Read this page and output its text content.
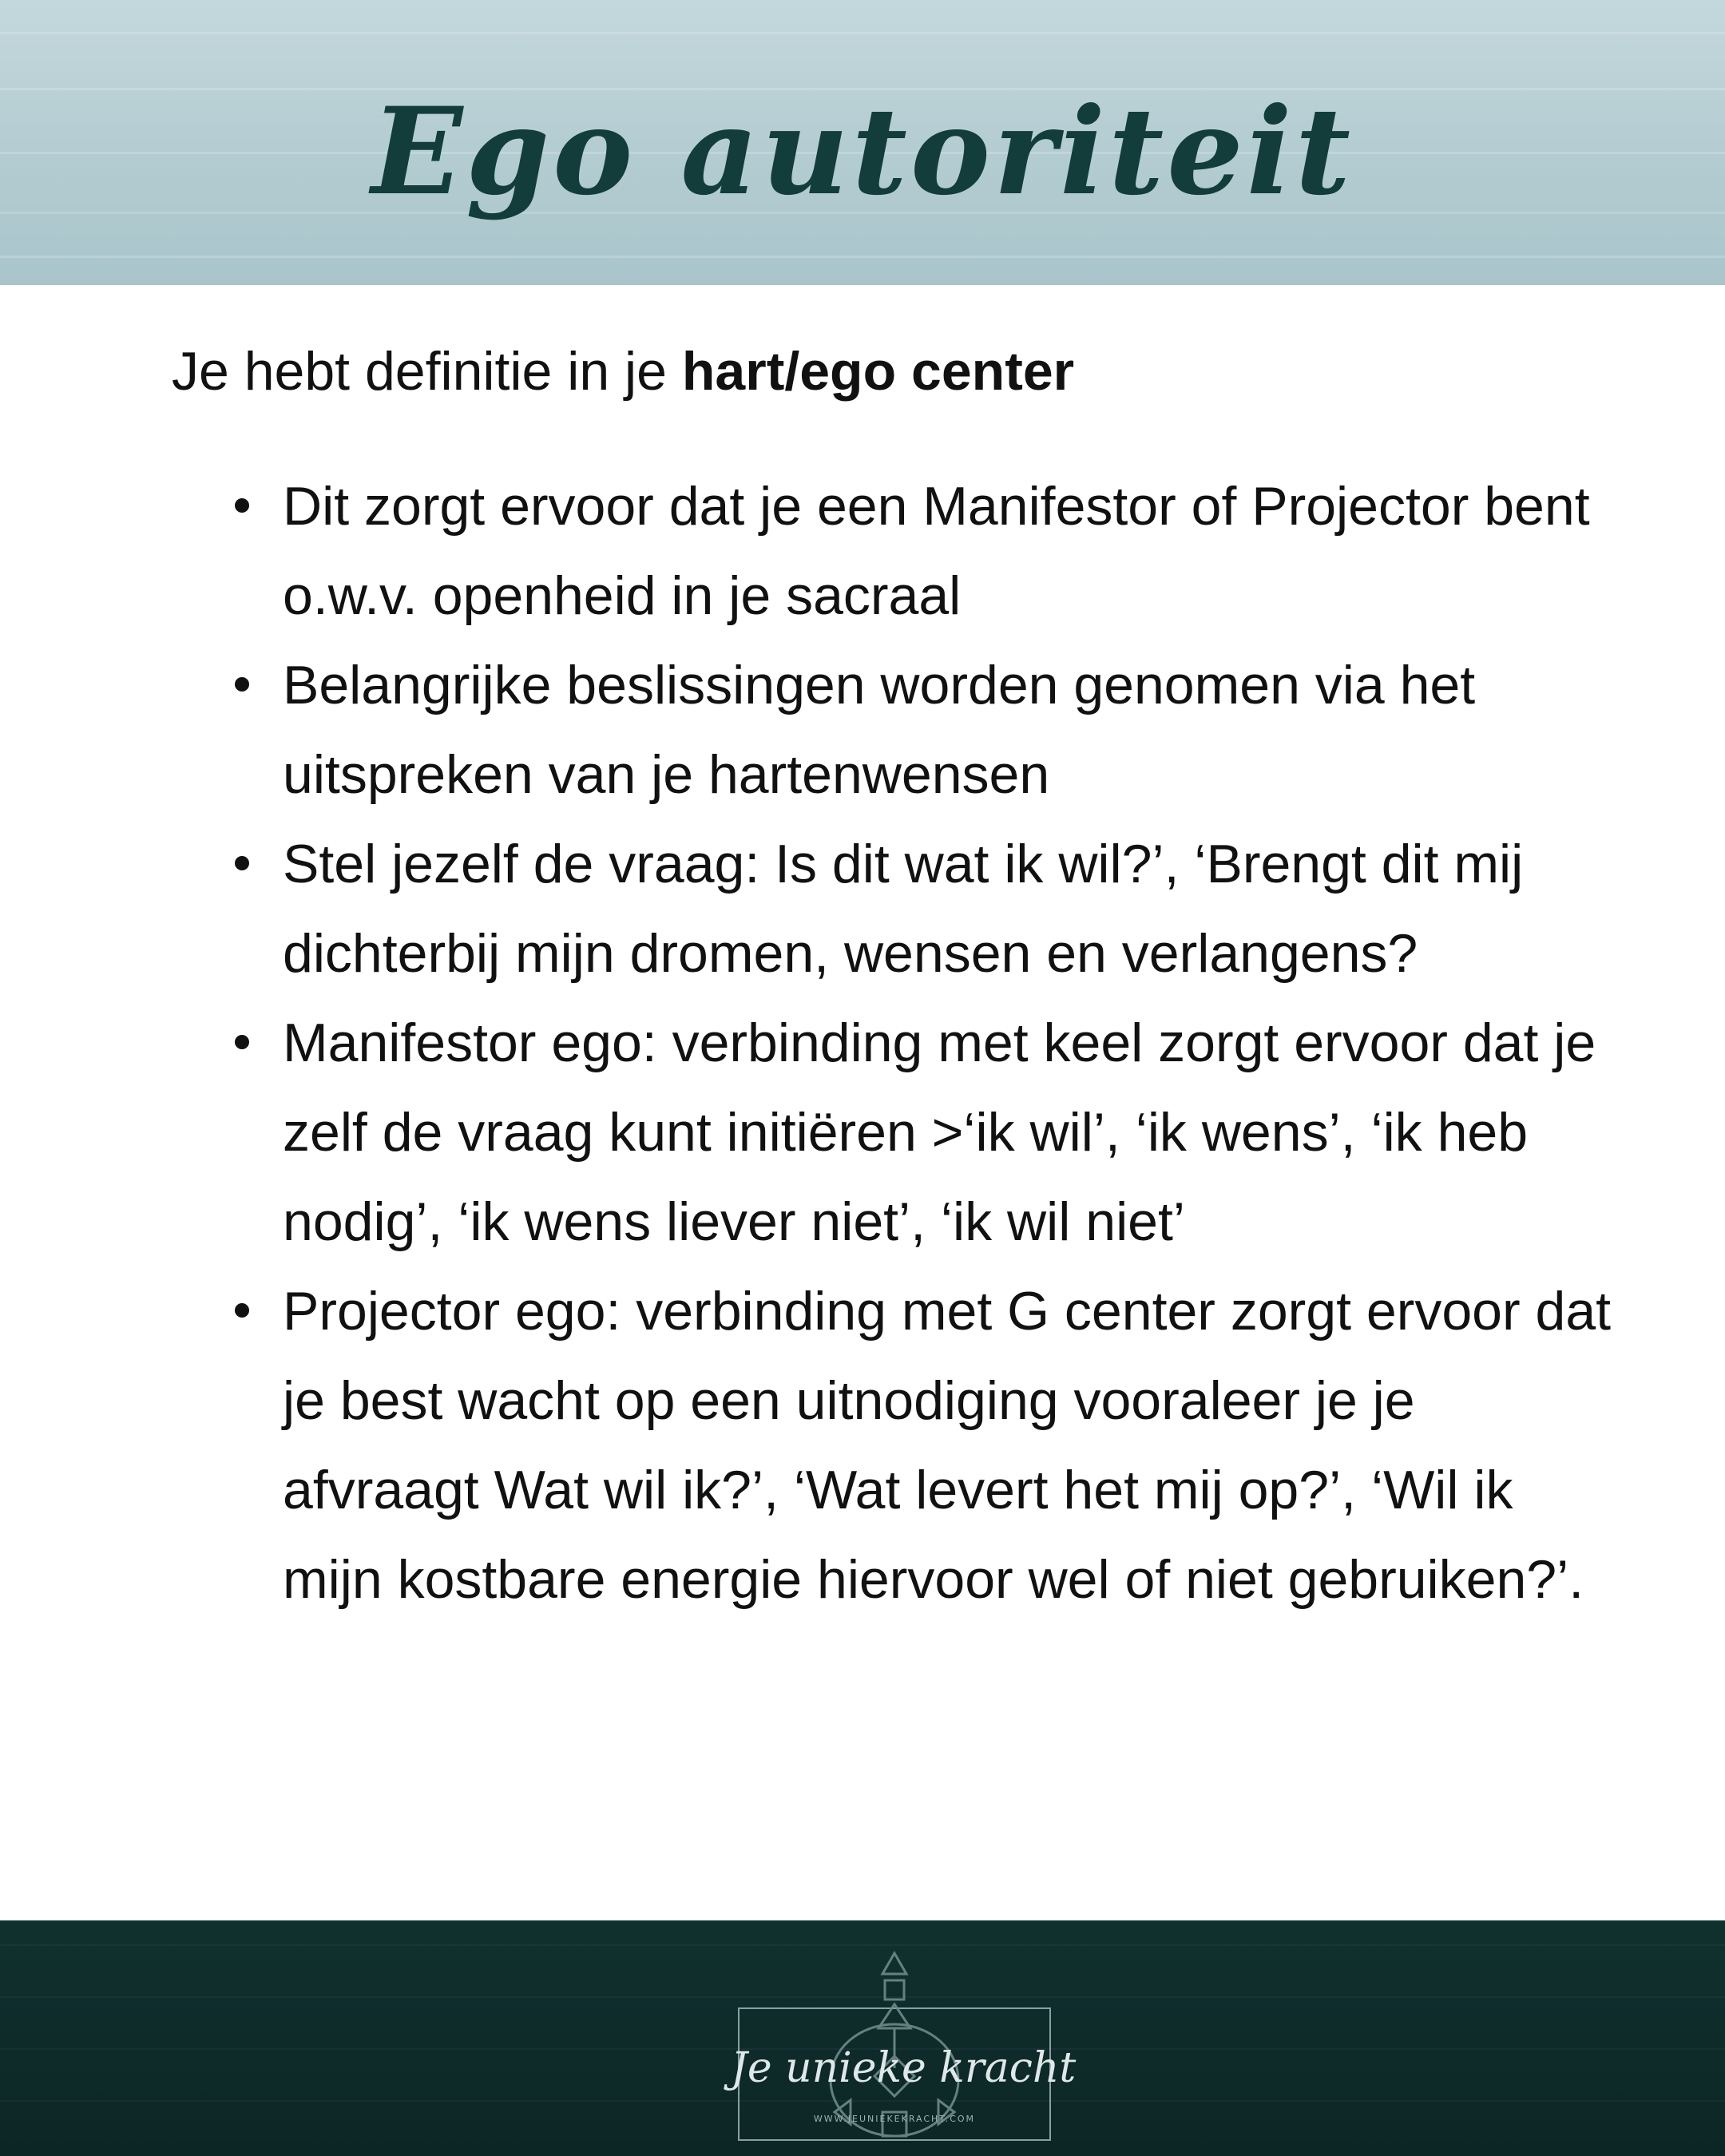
Ego autoriteit

Je hebt definitie in je hart/ego center

Dit zorgt ervoor dat je een Manifestor of Projector bent o.w.v. openheid in je sacraal
Belangrijke beslissingen worden genomen via het uitspreken van je hartenwensen
Stel jezelf de vraag: Is dit wat ik wil?’, ‘Brengt dit mij dichterbij mijn dromen, wensen en verlangens?
Manifestor ego: verbinding met keel zorgt ervoor dat je zelf de vraag kunt initiëren >‘ik wil’, ‘ik wens’, ‘ik heb nodig’, ‘ik wens liever niet’, ‘ik wil niet’
Projector ego: verbinding met G center zorgt ervoor dat je best wacht op een uitnodiging vooraleer je je afvraagt Wat wil ik?’, ‘Wat levert het mij op?’, ‘Wil ik mijn kostbare energie hiervoor wel of niet gebruiken?’.
Je unieke kracht
WWW.JEUNIEKEKRACHT.COM
